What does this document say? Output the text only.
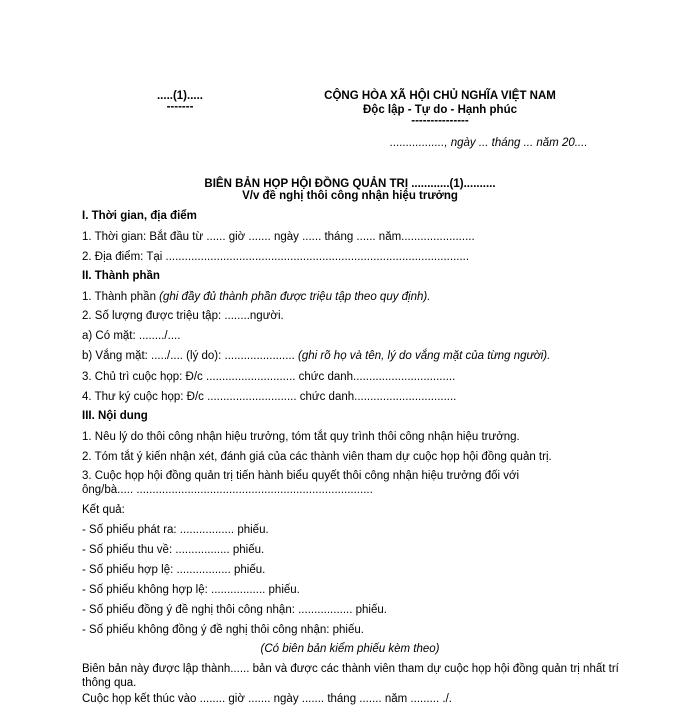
.....(1).....
-------
CỘNG HÒA XÃ HỘI CHỦ NGHĨA VIỆT NAM
Độc lập - Tự do - Hạnh phúc
---------------
................., ngày ... tháng ... năm 20....
BIÊN BẢN HỌP HỘI ĐỒNG QUẢN TRỊ ............(1)..........
V/v đề nghị thôi công nhận hiệu trưởng
I. Thời gian, địa điểm
1. Thời gian: Bắt đầu từ ...... giờ ....... ngày ...... tháng ...... năm.......................
2. Địa điểm: Tại ...............................................................................................
II. Thành phần
1. Thành phần (ghi đầy đủ thành phần được triệu tập theo quy định).
2. Số lượng được triệu tập: ........người.
a) Có mặt: ......../....
b) Vắng mặt: ...../.... (lý do): ...................... (ghi rõ họ và tên, lý do vắng mặt của từng người).
3. Chủ trì cuộc họp: Đ/c ............................ chức danh................................
4. Thư ký cuộc họp: Đ/c ............................ chức danh................................
III. Nội dung
1. Nêu lý do thôi công nhận hiệu trưởng, tóm tắt quy trình thôi công nhận hiệu trưởng.
2. Tóm tắt ý kiến nhận xét, đánh giá của các thành viên tham dự cuộc họp hội đồng quản trị.
3. Cuộc họp hội đồng quản trị tiến hành biểu quyết thôi công nhận hiệu trưởng đối với ông/bà..... ..........................................................................
Kết quả:
- Số phiếu phát ra: ................. phiếu.
- Số phiếu thu về: ................. phiếu.
- Số phiếu hợp lệ: ................. phiếu.
- Số phiếu không hợp lệ: ................. phiếu.
- Số phiếu đồng ý đề nghị thôi công nhận: ................. phiếu.
- Số phiếu không đồng ý đề nghị thôi công nhận: phiếu.
(Có biên bản kiểm phiếu kèm theo)
Biên bản này được lập thành...... bản và được các thành viên tham dự cuộc họp hội đồng quản trị nhất trí thông qua.
Cuộc họp kết thúc vào ........ giờ ....... ngày ....... tháng ....... năm ......... ./.
